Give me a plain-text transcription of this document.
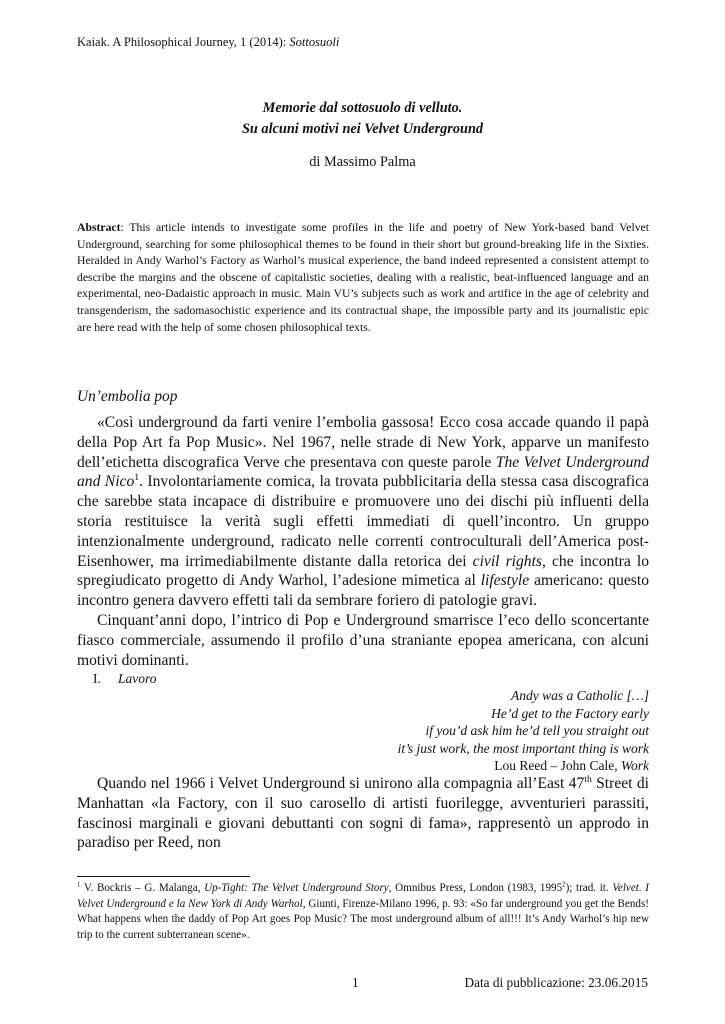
Kaiak. A Philosophical Journey, 1 (2014): Sottosuoli
Memorie dal sottosuolo di velluto.
Su alcuni motivi nei Velvet Underground
di Massimo Palma
Abstract: This article intends to investigate some profiles in the life and poetry of New York-based band Velvet Underground, searching for some philosophical themes to be found in their short but ground-breaking life in the Sixties. Heralded in Andy Warhol’s Factory as Warhol’s musical experience, the band indeed represented a consistent attempt to describe the margins and the obscene of capitalistic societies, dealing with a realistic, beat-influenced language and an experimental, neo-Dadaistic approach in music. Main VU’s subjects such as work and artifice in the age of celebrity and transgenderism, the sadomasochistic experience and its contractual shape, the impossible party and its journalistic epic are here read with the help of some chosen philosophical texts.
Un’embolia pop

«Così underground da farti venire l’embolia gassosa! Ecco cosa accade quando il papà della Pop Art fa Pop Music». Nel 1967, nelle strade di New York, apparve un manifesto dell’etichetta discografica Verve che presentava con queste parole The Velvet Underground and Nico$^1$. Involontariamente comica, la trovata pubblicitaria della stessa casa discografica che sarebbe stata incapace di distribuire e promuovere uno dei dischi più influenti della storia restituisce la verità sugli effetti immediati di quell’incontro. Un gruppo intenzionalmente underground, radicato nelle correnti controculturali dell’America post-Eisenhower, ma irrimediabilmente distante dalla retorica dei civil rights, che incontra lo spregiudicato progetto di Andy Warhol, l’adesione mimetica al lifestyle americano: questo incontro genera davvero effetti tali da sembrare foriero di patologie gravi.

Cinquant’anni dopo, l’intrico di Pop e Underground smarrisce l’eco dello sconcertante fiasco commerciale, assumendo il profilo d’una straniante epopea americana, con alcuni motivi dominanti.

I. Lavoro
Andy was a Catholic […]
He’d get to the Factory early
if you’d ask him he’d tell you straight out
it’s just work, the most important thing is work
Lou Reed – John Cale, Work

Quando nel 1966 i Velvet Underground si unirono alla compagnia all’East 47th Street di Manhattan «la Factory, con il suo carosello di artisti fuorilegge, avventurieri parassiti, fascinosi marginali e giovani debuttanti con sogni di fama», rappresentò un approdo in paradiso per Reed, non

$^1$ V. Bockris – G. Malanga, Up-Tight: The Velvet Underground Story, Omnibus Press, London (1983, 1995$^2$); trad. it. Velvet. I Velvet Underground e la New York di Andy Warhol, Giunti, Firenze-Milano 1996, p. 93: «So far underground you get the Bends! What happens when the daddy of Pop Art goes Pop Music? The most underground album of all!!! It’s Andy Warhol’s hip new trip to the current subterranean scene».
1	Data di pubblicazione: 23.06.2015
